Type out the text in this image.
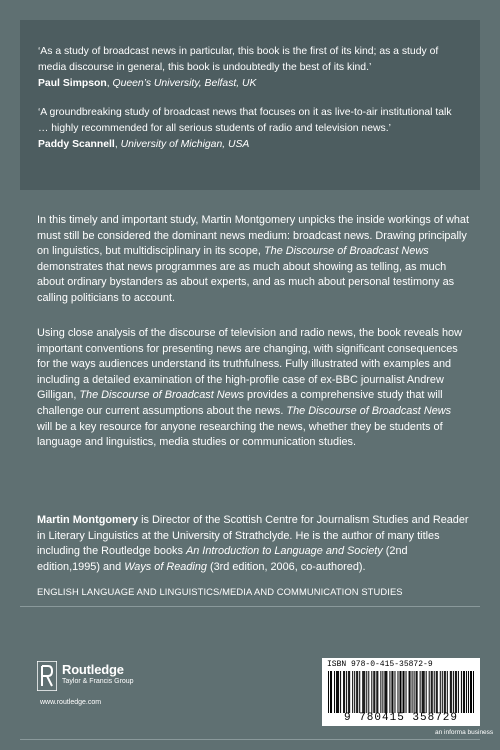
‘As a study of broadcast news in particular, this book is the first of its kind; as a study of media discourse in general, this book is undoubtedly the best of its kind.’

Paul Simpson, Queen’s University, Belfast, UK

‘A groundbreaking study of broadcast news that focuses on it as live-to-air institutional talk … highly recommended for all serious students of radio and television news.’

Paddy Scannell, University of Michigan, USA

In this timely and important study, Martin Montgomery unpicks the inside workings of what must still be considered the dominant news medium: broadcast news. Drawing principally on linguistics, but multidisciplinary in its scope, The Discourse of Broadcast News demonstrates that news programmes are as much about showing as telling, as much about ordinary bystanders as about experts, and as much about personal testimony as calling politicians to account.

Using close analysis of the discourse of television and radio news, the book reveals how important conventions for presenting news are changing, with significant consequences for the ways audiences understand its truthfulness. Fully illustrated with examples and including a detailed examination of the high-profile case of ex-BBC journalist Andrew Gilligan, The Discourse of Broadcast News provides a comprehensive study that will challenge our current assumptions about the news. The Discourse of Broadcast News will be a key resource for anyone researching the news, whether they be students of language and linguistics, media studies or communication studies.

Martin Montgomery is Director of the Scottish Centre for Journalism Studies and Reader in Literary Linguistics at the University of Strathclyde. He is the author of many titles including the Routledge books An Introduction to Language and Society (2nd edition,1995) and Ways of Reading (3rd edition, 2006, co-authored).

ENGLISH LANGUAGE AND LINGUISTICS/MEDIA AND COMMUNICATION STUDIES
Routledge
Taylor & Francis Group
www.routledge.com
ISBN 978-0-415-35872-9
9 780415 358729
an informa business
